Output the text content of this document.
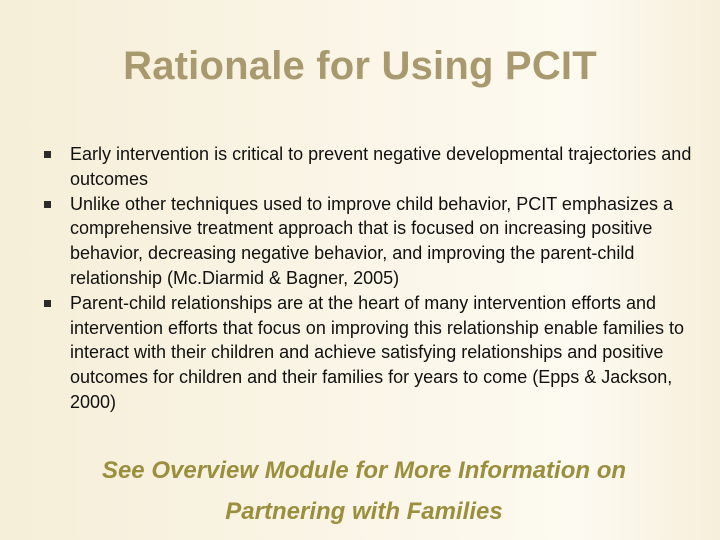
Rationale for Using PCIT
Early intervention is critical to prevent negative developmental trajectories and outcomes
Unlike other techniques used to improve child behavior, PCIT emphasizes a comprehensive treatment approach that is focused on increasing positive behavior, decreasing negative behavior, and improving the parent-child relationship (Mc.Diarmid & Bagner, 2005)
Parent-child relationships are at the heart of many intervention efforts and intervention efforts that focus on improving this relationship enable families to interact with their children and achieve satisfying relationships and positive outcomes for children and their families for years to come (Epps & Jackson, 2000)
See Overview Module for More Information on
Partnering with Families
